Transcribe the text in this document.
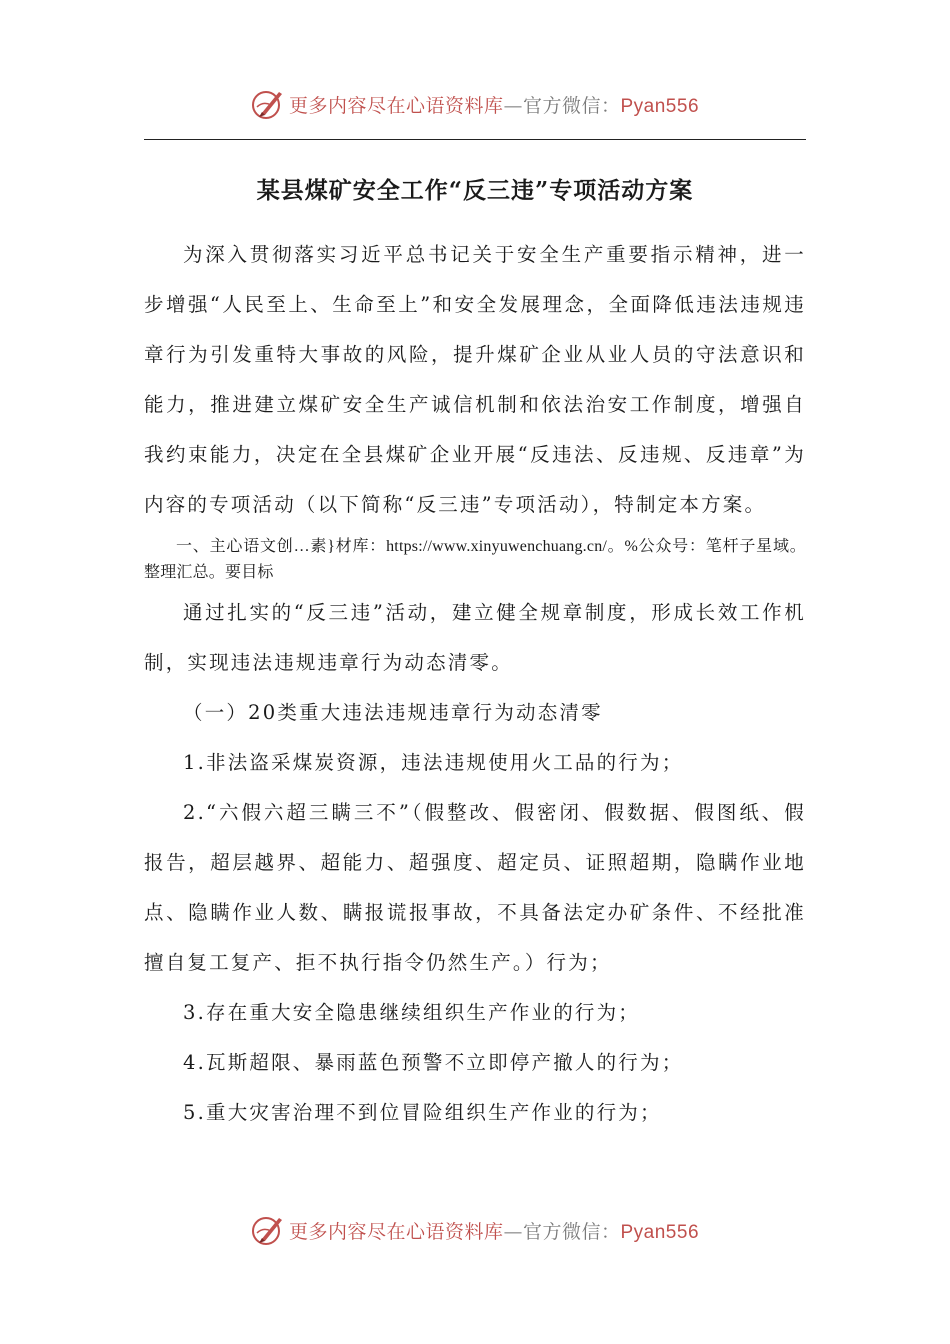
更多内容尽在心语资料库—官方微信：Pyan556
某县煤矿安全工作“反三违”专项活动方案

为深入贯彻落实习近平总书记关于安全生产重要指示精神，进一步增强“人民至上、生命至上”和安全发展理念，全面降低违法违规违章行为引发重特大事故的风险，提升煤矿企业从业人员的守法意识和能力，推进建立煤矿安全生产诚信机制和依法治安工作制度，增强自我约束能力，决定在全县煤矿企业开展“反违法、反违规、反违章”为内容的专项活动（以下简称“反三违”专项活动），特制定本方案。

一、主心语文创…素}材库：https://www.xinyuwenchuang.cn/。%公众号：笔杆子星域。整理汇总。要目标

通过扎实的“反三违”活动，建立健全规章制度，形成长效工作机制，实现违法违规违章行为动态清零。

（一）20类重大违法违规违章行为动态清零

1.非法盗采煤炭资源，违法违规使用火工品的行为；

2.“六假六超三瞒三不”（假整改、假密闭、假数据、假图纸、假报告，超层越界、超能力、超强度、超定员、证照超期，隐瞒作业地点、隐瞒作业人数、瞒报谎报事故，不具备法定办矿条件、不经批准擅自复工复产、拒不执行指令仍然生产。）行为；

3.存在重大安全隐患继续组织生产作业的行为；

4.瓦斯超限、暴雨蓝色预警不立即停产撤人的行为；

5.重大灾害治理不到位冒险组织生产作业的行为；

更多内容尽在心语资料库—官方微信：Pyan556
